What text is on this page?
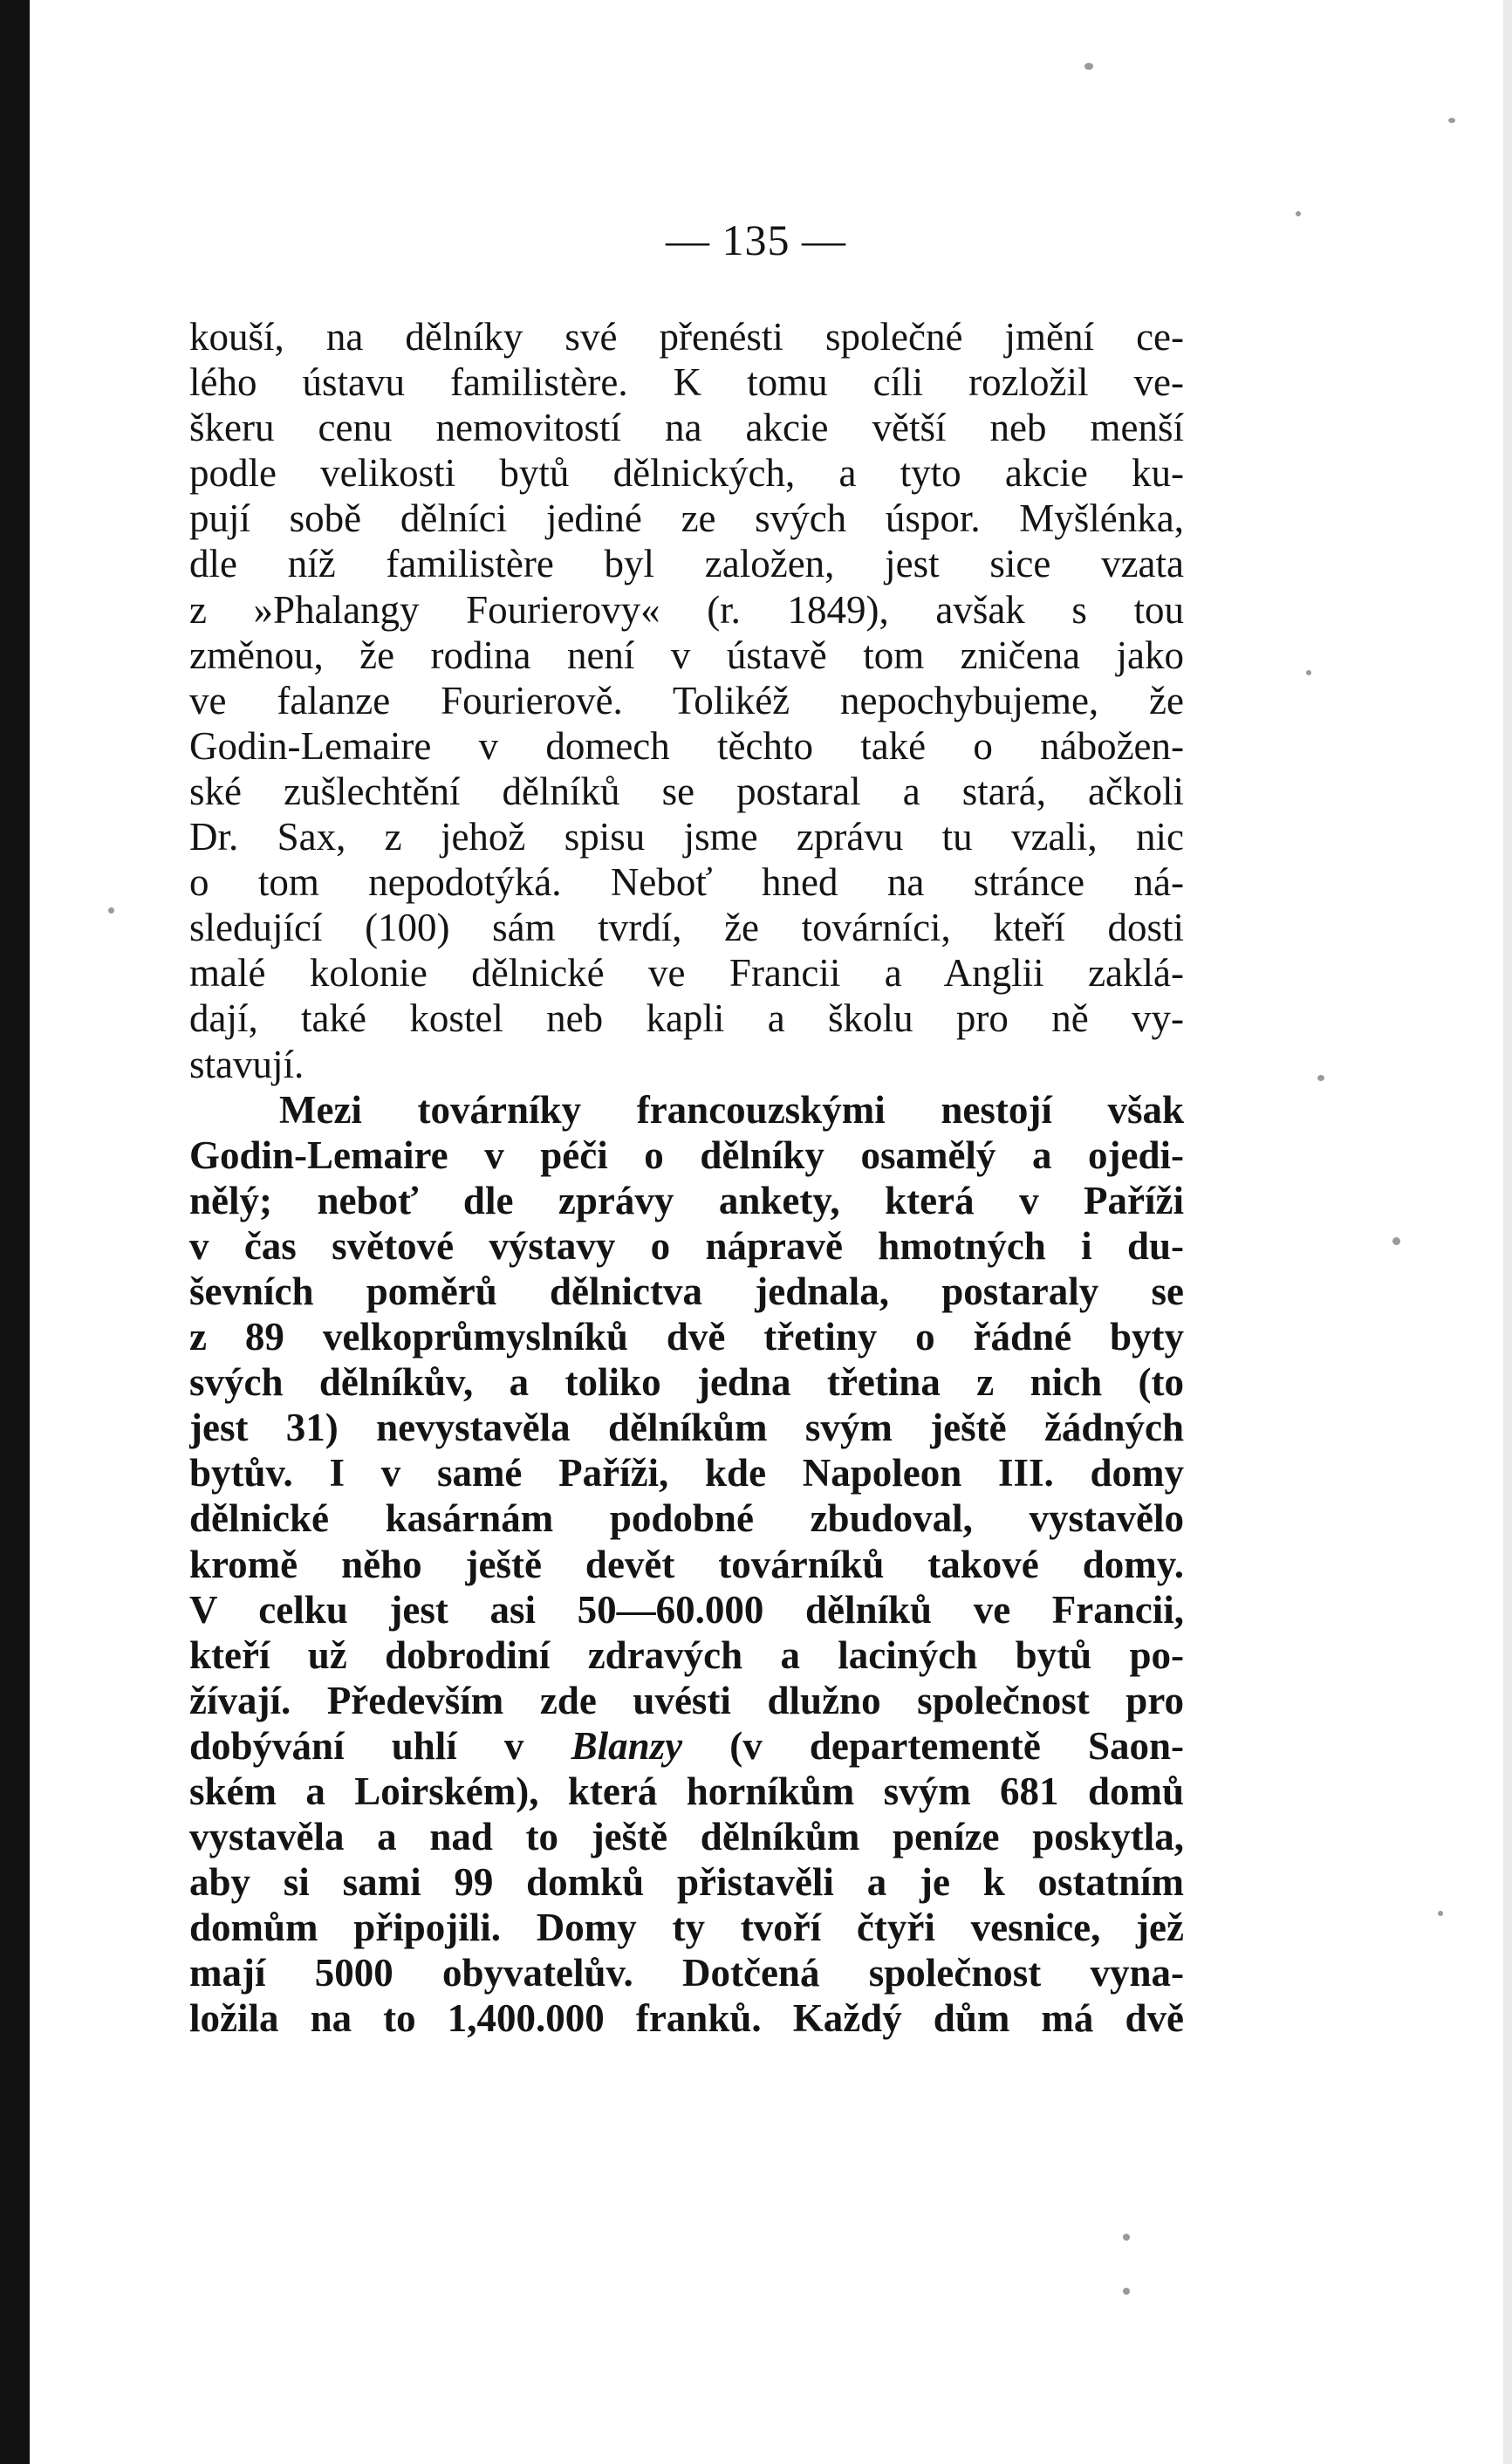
— 135 —
kouší, na dělníky své přenésti společné jmění ce-
lého ústavu familistère. K tomu cíli rozložil ve-
škeru cenu nemovitostí na akcie větší neb menší
podle velikosti bytů dělnických, a tyto akcie ku-
pují sobě dělníci jediné ze svých úspor. Myšlénka,
dle níž familistère byl založen, jest sice vzata
z »Phalangy Fourierovy« (r. 1849), avšak s tou
změnou, že rodina není v ústavě tom zničena jako
ve falanze Fourierově. Tolikéž nepochybujeme, že
Godin-Lemaire v domech těchto také o nábožen-
ské zušlechtění dělníků se postaral a stará, ačkoli
Dr. Sax, z jehož spisu jsme zprávu tu vzali, nic
o tom nepodotýká. Neboť hned na stránce ná-
sledující (100) sám tvrdí, že továrníci, kteří dosti
malé kolonie dělnické ve Francii a Anglii zaklá-
dají, také kostel neb kapli a školu pro ně vy-
stavují.
Mezi továrníky francouzskými nestojí však
Godin-Lemaire v péči o dělníky osamělý a ojedi-
nělý; neboť dle zprávy ankety, která v Paříži
v čas světové výstavy o nápravě hmotných i du-
ševních poměrů dělnictva jednala, postaraly se
z 89 velkoprůmyslníků dvě třetiny o řádné byty
svých dělníkův, a toliko jedna třetina z nich (to
jest 31) nevystavěla dělníkům svým ještě žádných
bytův. I v samé Paříži, kde Napoleon III. domy
dělnické kasárnám podobné zbudoval, vystavělo
kromě něho ještě devět továrníků takové domy.
V celku jest asi 50—60.000 dělníků ve Francii,
kteří už dobrodiní zdravých a laciných bytů po-
žívají. Především zde uvésti dlužno společnost pro
dobývání uhlí v Blanzy (v departementě Saon-
ském a Loirském), která horníkům svým 681 domů
vystavěla a nad to ještě dělníkům peníze poskytla,
aby si sami 99 domků přistavěli a je k ostatním
domům připojili. Domy ty tvoří čtyři vesnice, jež
mají 5000 obyvatelův. Dotčená společnost vyna-
ložila na to 1,400.000 franků. Každý dům má dvě
